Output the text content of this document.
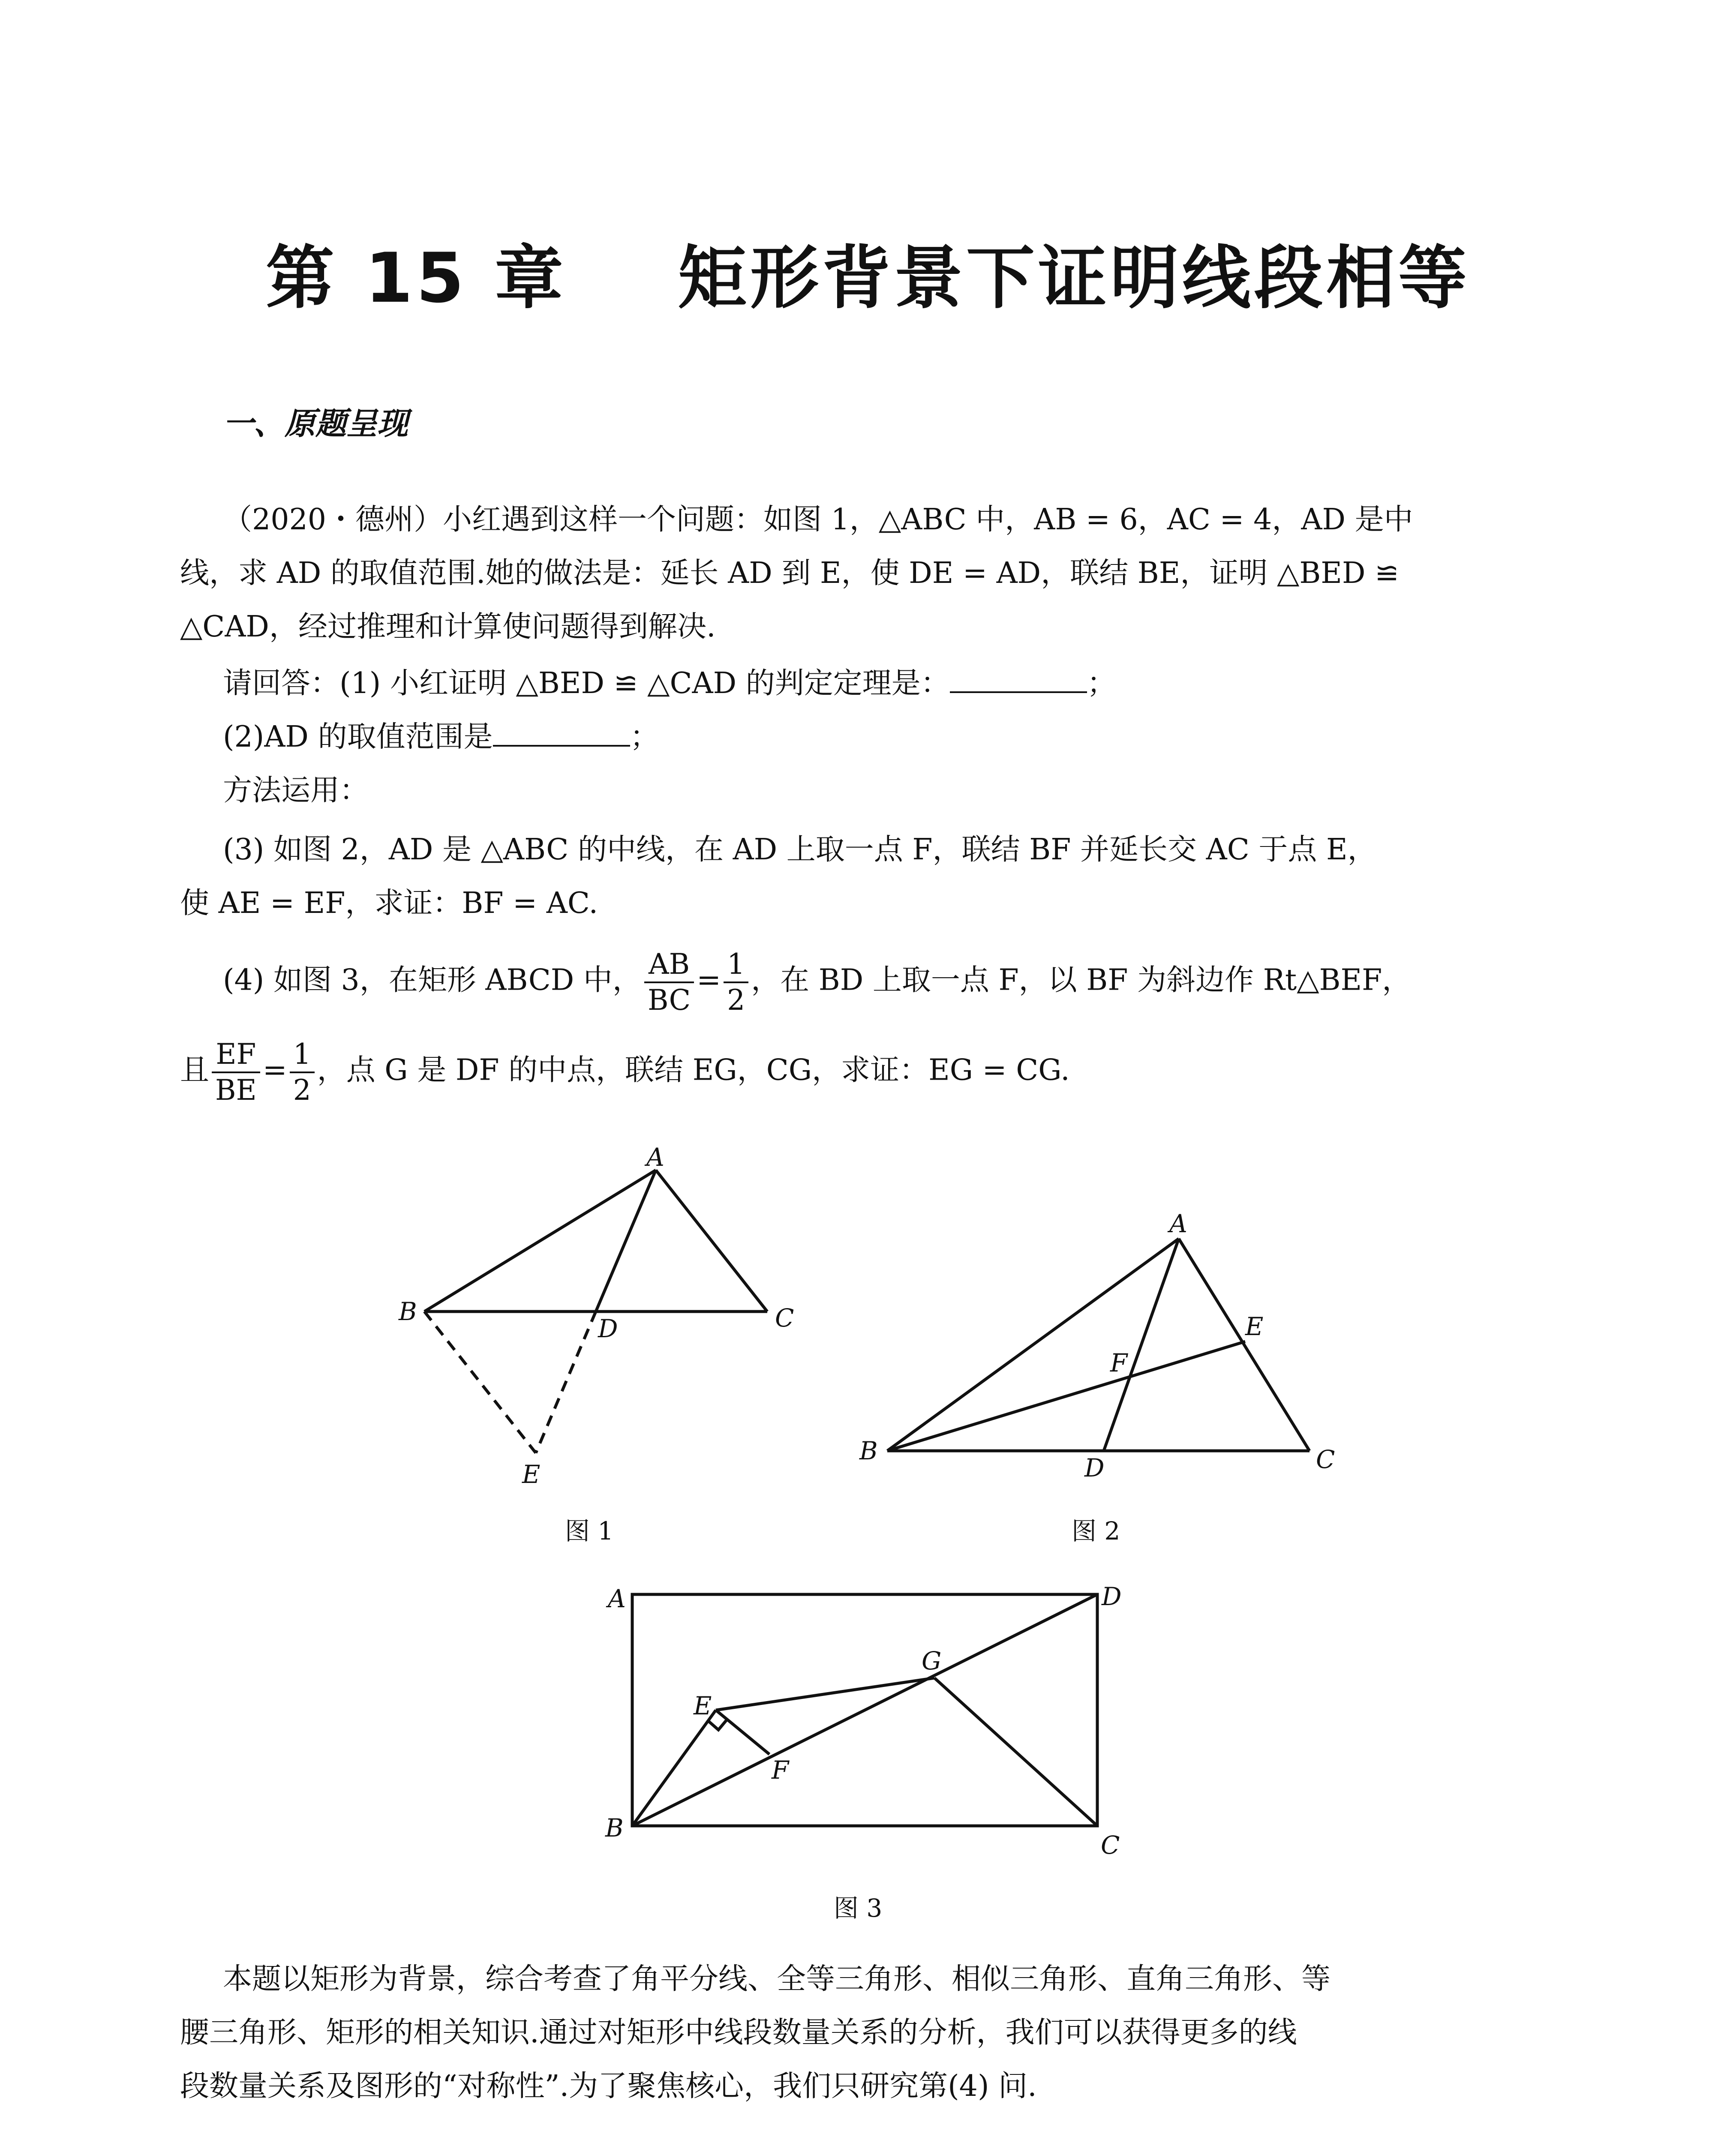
第 15 章 矩形背景下证明线段相等
一、原题呈现
（2020・德州）小红遇到这样一个问题：如图 1，△ABC 中，AB = 6，AC = 4，AD 是中
线，求 AD 的取值范围.她的做法是：延长 AD 到 E，使 DE = AD，联结 BE，证明 △BED ≌
△CAD，经过推理和计算使问题得到解决.
请回答：(1) 小红证明 △BED ≌ △CAD 的判定定理是：	；
(2)AD 的取值范围是	；
方法运用：
(3) 如图 2，AD 是 △ABC 的中线，在 AD 上取一点 F，联结 BF 并延长交 AC 于点 E，
使 AE = EF，求证：BF = AC.
(4) 如图 3，在矩形 ABCD 中， $\frac{AB}{BC} = \frac{1}{2}$ ，在 BD 上取一点 F，以 BF 为斜边作 Rt△BEF，
且 $\frac{EF}{BE} = \frac{1}{2}$ ，点 G 是 DF 的中点，联结 EG，CG，求证：EG = CG.
A
B	C
D
E
A
B	C
D
E
F
A
B
C
D
E
F
G
图 1	图 2
图 3
本题以矩形为背景，综合考查了角平分线、全等三角形、相似三角形、直角三角形、等
腰三角形、矩形的相关知识.通过对矩形中线段数量关系的分析，我们可以获得更多的线
段数量关系及图形的“对称性”.为了聚焦核心，我们只研究第(4) 问.
